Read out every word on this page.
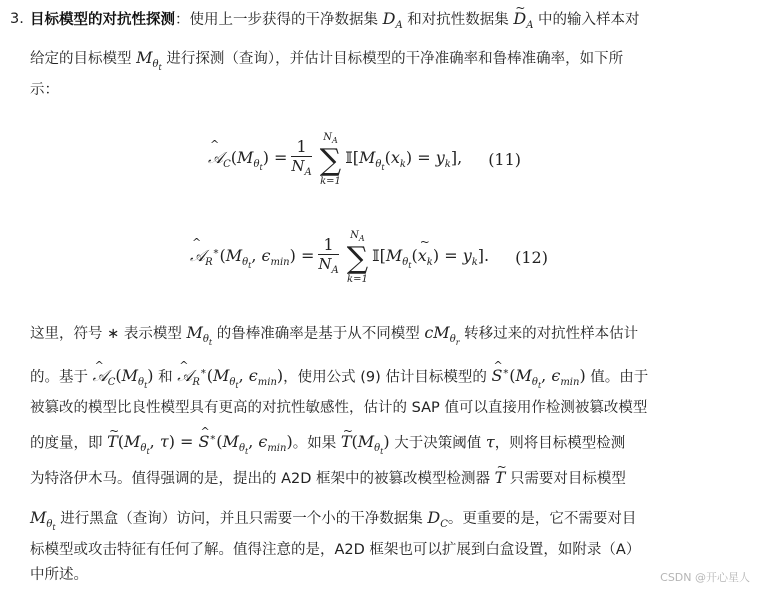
3. 目标模型的对抗性探测：使用上一步获得的干净数据集 $D_A$ 和对抗性数据集 ~ $D_A$ 中的输入样本对
给定的目标模型 $M_{\theta_t}$ 进行探测（查询），并估计目标模型的干净准确率和鲁棒准确率，如下所
示：
^ $𝒜_C(M_{\theta_t}) = \frac{1}{N_A} N_A$
∑
k=1
$𝕀[M_{\theta_t}(x_k) = y_k]$, (11)
^ $𝒜_R^∗(M_{\theta_t}$, $\epsilon_{min}) = \frac{1}{N_A} N_A$
∑
k=1
$𝕀[M_{\theta_t}(\sim$ $x_k) = y_k$]. (12)
这里，符号 ∗ 表示模型 $M_{\theta_t}$ 的鲁棒准确率是基于从不同模型 $cM_{\theta_r}$ 转移过来的对抗性样本估计
的。基于 ^ $𝒜_C(M_{\theta_t})$ 和 ^ $𝒜_R^∗(M_{\theta_t}$, $\epsilon_{min}$)，使用公式 (9) 估计目标模型的 ^ $S^∗(M_{\theta_t}$, $\epsilon_{min}$) 值。由于
被篡改的模型比良性模型具有更高的对抗性敏感性，估计的 SAP 值可以直接用作检测被篡改模型
的度量，即 ~ $T(M_{\theta_t}$, τ) = ^ $S^∗(M_{\theta_t}$, $\epsilon_{min}$)。如果 ~ $T(M_{\theta_t})$ 大于决策阈值 τ，则将目标模型检测
为特洛伊木马。值得强调的是，提出的 A2D 框架中的被篡改模型检测器 ~ T 只需要对目标模型
$M_{\theta_t}$ 进行黑盒（查询）访问，并且只需要一个小的干净数据集 $D_C$。更重要的是，它不需要对目
标模型或攻击特征有任何了解。值得注意的是，A2D 框架也可以扩展到白盒设置，如附录（A）
中所述。	CSDN @开心星人
